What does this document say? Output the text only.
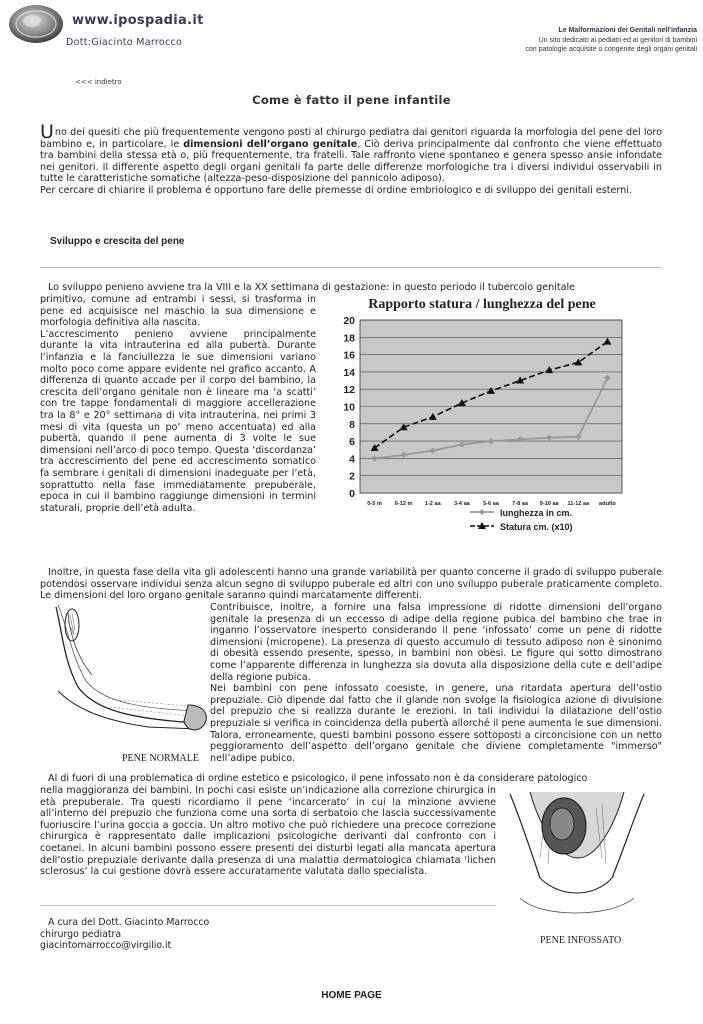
www.ipospadia.it
Dott:Giacinto Marrocco
Le Malformazioni dei Genitali nell'infanzia
Un sito dedicato ai pediatri ed ai genitori di bambini
con patologie acquisite o congenite degli organi genitali
<<< indietro
Come è fatto il pene infantile

Uno dei quesiti che più frequentemente vengono posti al chirurgo pediatra dai genitori riguarda la morfologia del pene del loro bambino e, in particolare, le dimensioni dell’organo genitale. Ciò deriva principalmente dal confronto che viene effettuato tra bambini della stessa età o, più frequentemente, tra fratelli. Tale raffronto viene spontaneo e genera spesso ansie infondate nei genitori. Il differente aspetto degli organi genitali fa parte delle differenze morfologiche tra i diversi individui osservabili in tutte le caratteristiche somatiche (altezza-peso-disposizione del pannicolo adiposo).

Per cercare di chiarire il problema é opportuno fare delle premesse di ordine embriologico e di sviluppo dei genitali esterni.

Sviluppo e crescita del pene
Lo sviluppo penieno avviene tra la VIII e la XX settimana di gestazione: in questo periodo il tubercolo genitale

primitivo, comune ad entrambi i sessi, si trasforma in pene ed acquisisce nel maschio la sua dimensione e morfologia definitiva alla nascita.

L’accrescimento penieno avviene principalmente durante la vita intrauterina ed alla pubertà. Durante l’infanzia e la fanciullezza le sue dimensioni variano molto poco come appare evidente nel grafico accanto. A differenza di quanto accade per il corpo del bambino, la crescita dell’organo genitale non è lineare ma ‘a scatti’ con tre tappe fondamentali di maggiore accellerazione tra la 8° e 20° settimana di vita intrauterina, nei primi 3 mesi di vita (questa un po’ meno accentuata) ed alla pubertà, quando il pene aumenta di 3 volte le sue dimensioni nell’arco di poco tempo. Questa ‘discordanza’ tra accrescimento del pene ed accrescimento somatico fa sembrare i genitali di dimensioni inadeguate per l’età, soprattutto nella fase immediatamente prepuberale, epoca in cui il bambino raggiunge dimensioni in termini staturali, proprie dell’età adulta.

Rapporto statura / lunghezza del pene
0
2
4
6
8
10
12
14
16
18
20
0-5 m 6-12 m 1-2 aa 3-4 aa 5-6 aa 7-8 aa 9-10 aa 11-12 aa adulto
lunghezza in cm.
Statura cm. (x10)
Inoltre, in questa fase della vita gli adolescenti hanno una grande variabilità per quanto concerne il grado di sviluppo puberale potendosi osservare individui senza alcun segno di sviluppo puberale ed altri con uno sviluppo puberale praticamente completo. Le dimensioni del loro organo genitale saranno quindi marcatamente differenti.

Contribuisce, inoltre, a fornire una falsa impressione di ridotte dimensioni dell’organo genitale la presenza di un eccesso di adipe della regione pubica del bambino che trae in inganno l’osservatore inesperto considerando il pene ‘infossato’ come un pene di ridotte dimensioni (micropene). La presenza di questo accumulo di tessuto adiposo non è sinonimo di obesità essendo presente, spesso, in bambini non obesi. Le figure qui sotto dimostrano come l’apparente differenza in lunghezza sia dovuta alla disposizione della cute e dell’adipe della regione pubica.

Nei bambini con pene infossato coesiste, in genere, una ritardata apertura dell’ostio prepuziale. Ciò dipende dal fatto che il glande non svolge la fisiologica azione di divulsione del prepuzio che si realizza durante le erezioni. In tali individui la dilatazione dell’ostio prepuziale si verifica in coincidenza della pubertà allorché il pene aumenta le sue dimensioni. Talora, erroneamente, questi bambini possono essere sottoposti a circoncisione con un netto peggioramento dell’aspetto dell’organo genitale che diviene completamente "immerso" nell’adipe pubico.

PENE NORMALE
Al di fuori di una problematica di ordine estetico e psicologico, il pene infossato non è da considerare patologico
nella maggioranza dei bambini. In pochi casi esiste un’indicazione alla correzione chirurgica in età prepuberale. Tra questi ricordiamo il pene ‘incarcerato’ in cui la minzione avviene all’interno del prepuzio che funziona come una sorta di serbatoio che lascia successivamente fuoriuscire l’urina goccia a goccia. Un altro motivo che può richiedere una precoce correzione chirurgica è rappresentato dalle implicazioni psicologiche derivanti dal confronto con i coetanei. In alcuni bambini possono essere presenti dei disturbi legati alla mancata apertura dell’ostio prepuziale derivante dalla presenza di una malattia dermatologica chiamata ‘lichen sclerosus’ la cui gestione dovrà essere accuratamente valutata dallo specialista.
PENE INFOSSATO
A cura del Dott. Giacinto Marrocco
chirurgo pediatra
giacintomarrocco@virgilio.it
HOME PAGE
